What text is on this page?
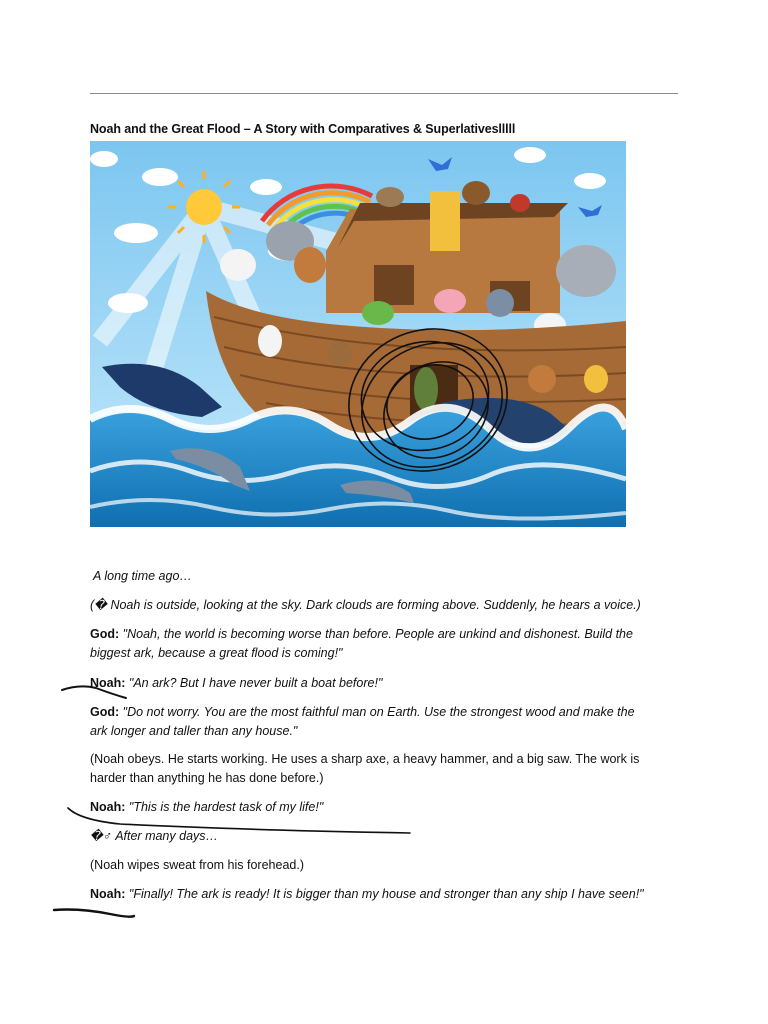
Noah and the Great Flood – A Story with Comparatives & Superlativeslllll
A long time ago…
(� Noah is outside, looking at the sky. Dark clouds are forming above. Suddenly, he hears a voice.)
God: "Noah, the world is becoming worse than before. People are unkind and dishonest. Build the biggest ark, because a great flood is coming!"
Noah: "An ark? But I have never built a boat before!"
God: "Do not worry. You are the most faithful man on Earth. Use the strongest wood and make the ark longer and taller than any house."
(Noah obeys. He starts working. He uses a sharp axe, a heavy hammer, and a big saw. The work is harder than anything he has done before.)
Noah: "This is the hardest task of my life!"
�♂ After many days…
(Noah wipes sweat from his forehead.)
Noah: "Finally! The ark is ready! It is bigger than my house and stronger than any ship I have seen!"
